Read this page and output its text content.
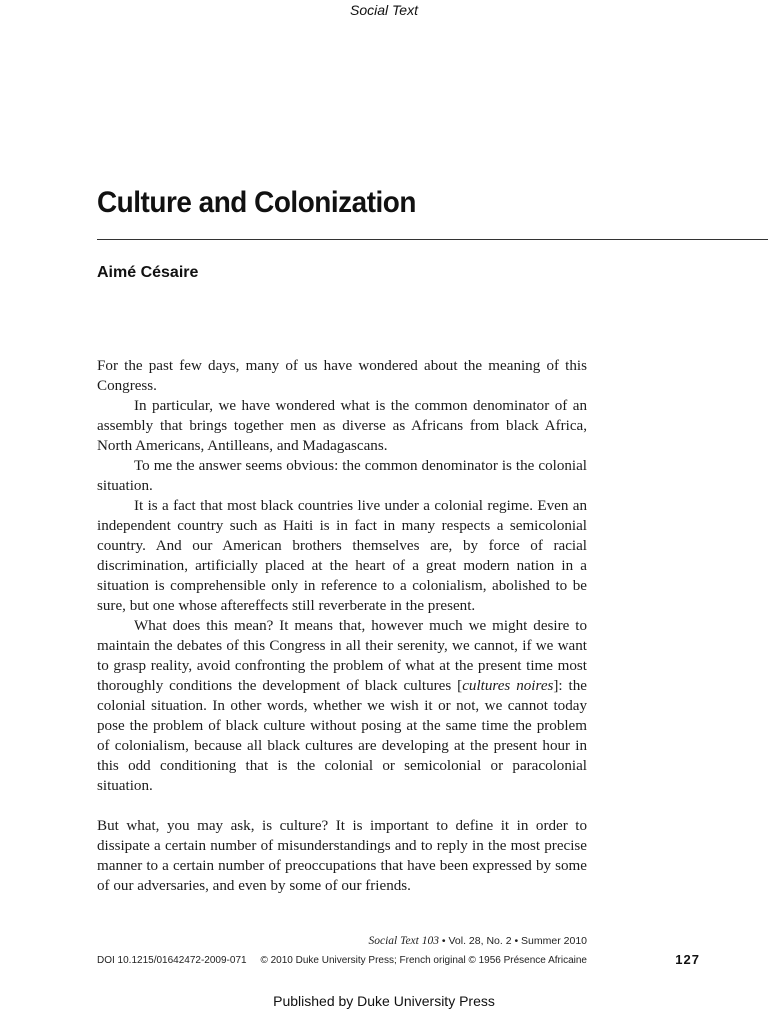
Social Text
Culture and Colonization
Aimé Césaire

For the past few days, many of us have wondered about the meaning of this Congress.

In particular, we have wondered what is the common denominator of an assembly that brings together men as diverse as Africans from black Africa, North Americans, Antilleans, and Madagascans.

To me the answer seems obvious: the common denominator is the colonial situation.

It is a fact that most black countries live under a colonial regime. Even an independent country such as Haiti is in fact in many respects a semicolonial country. And our American brothers themselves are, by force of racial discrimination, artificially placed at the heart of a great modern nation in a situation is comprehensible only in reference to a colonialism, abolished to be sure, but one whose aftereffects still reverberate in the present.

What does this mean? It means that, however much we might desire to maintain the debates of this Congress in all their serenity, we cannot, if we want to grasp reality, avoid confronting the problem of what at the present time most thoroughly conditions the development of black cultures [cultures noires]: the colonial situation. In other words, whether we wish it or not, we cannot today pose the problem of black culture without posing at the same time the problem of colonialism, because all black cultures are developing at the present hour in this odd conditioning that is the colonial or semicolonial or paracolonial situation.

But what, you may ask, is culture? It is important to define it in order to dissipate a certain number of misunderstandings and to reply in the most precise manner to a certain number of preoccupations that have been expressed by some of our adversaries, and even by some of our friends.

Social Text 103 • Vol. 28, No. 2 • Summer 2010
DOI 10.1215/01642472-2009-071 © 2010 Duke University Press; French original © 1956 Présence Africaine	127
Published by Duke University Press
